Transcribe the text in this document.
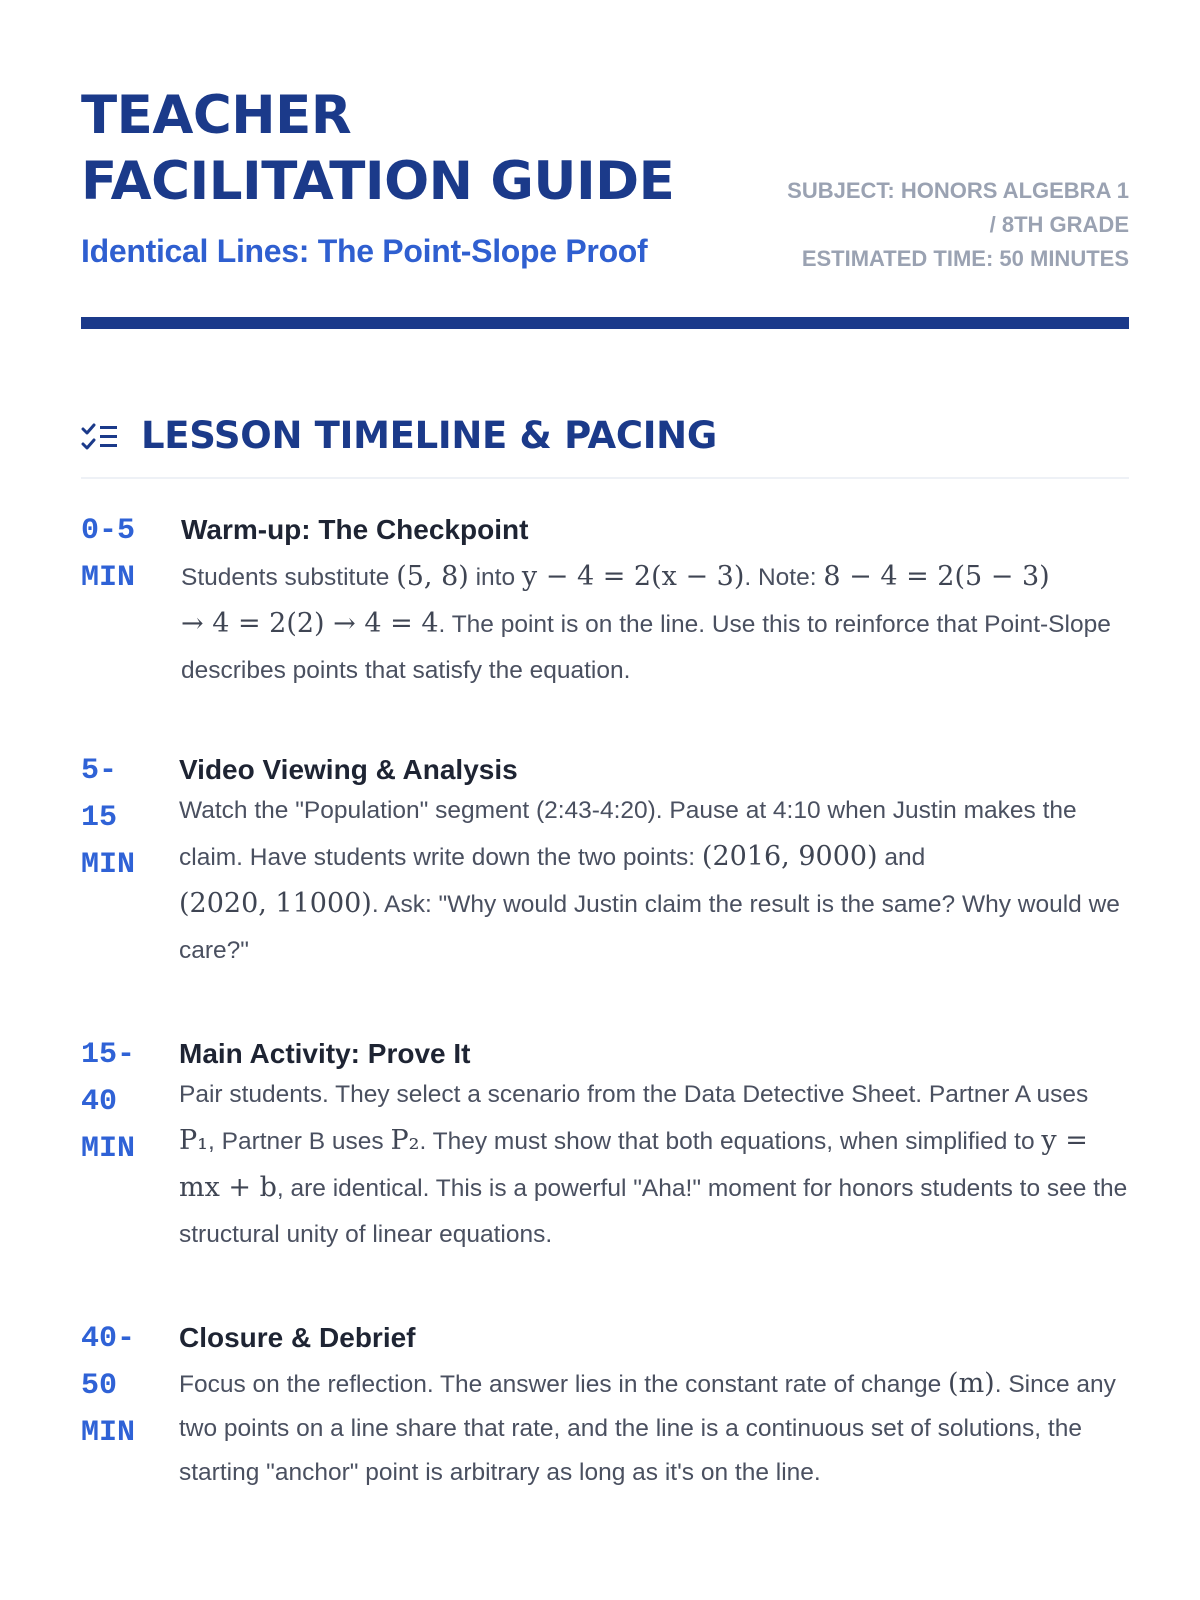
TEACHER
FACILITATION GUIDE
Identical Lines: The Point-Slope Proof
SUBJECT: HONORS ALGEBRA 1
/ 8TH GRADE
ESTIMATED TIME: 50 MINUTES
LESSON TIMELINE & PACING
0-5 MIN
Warm-up: The Checkpoint
Students substitute (5, 8) into y − 4 = 2(x − 3). Note: 8 − 4 = 2(5 − 3)
→ 4 = 2(2) → 4 = 4. The point is on the line. Use this to reinforce that Point-Slope describes points that satisfy the equation.
5- 15 MIN
Video Viewing & Analysis
Watch the "Population" segment (2:43-4:20). Pause at 4:10 when Justin makes the claim. Have students write down the two points: (2016, 9000) and
(2020, 11000). Ask: "Why would Justin claim the result is the same? Why would we care?"
15- 40 MIN
Main Activity: Prove It
Pair students. They select a scenario from the Data Detective Sheet. Partner A uses P₁, Partner B uses P₂. They must show that both equations, when simplified to y = mx + b, are identical. This is a powerful "Aha!" moment for honors students to see the structural unity of linear equations.
40- 50 MIN
Closure & Debrief
Focus on the reflection. The answer lies in the constant rate of change (m). Since any two points on a line share that rate, and the line is a continuous set of solutions, the starting "anchor" point is arbitrary as long as it's on the line.
